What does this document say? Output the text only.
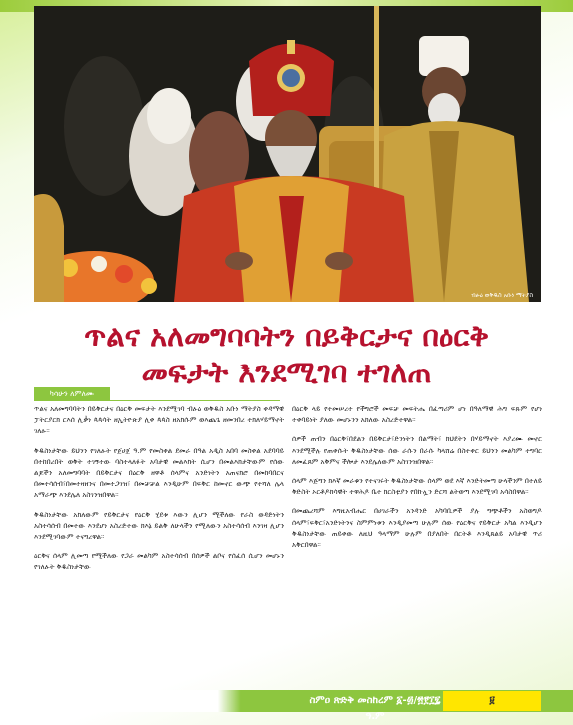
ብፁዕ ወቅዱስ አቡነ ማትያስ
ጥልና አለመግባባትን በይቅርታና በዕርቅ
መፍታት እንደሚገባ ተገለጠ
ካሳሁን ለምለሙ

ጥልና አለመግባባትን በይቅርታና በዕርቅ መፍታት እንደሚገባ ብፁዕ ወቅዱስ አቡነ ማትያስ ቀዳማዊ ፓትርያርክ ርእሰ ሊቃነ ጳጳሳት ዘኢትዮጵያ ሊቀ ጳጳስ ዘአክሱም ወእጨጌ ዘመንበረ ተክለሃይማኖት ገለፁ።

ቅዱስነታቸው ይህንን የገለፁት የጀሀጀ ዓ.ም የመስቀል ደመራ በዓል አዲስ አበባ መስቀል አደባባይ በተከበረበት ወቅት ተገኝተው ባስተላለፉት አባታዊ መልእክት ሲሆን በመልእክታቸውም የሰው ልጆችን አለመግባባት በይቅርታና በዕርቅ ዘዋቶ ሰላምና አንድነትን አጠናክሮ በመከባበርና በመተሳሰብ፣በመተዛዘንና በመተጋገዝ፣ በመቻቻል እንዲሁም በፍቅር ከመኖር ውጭ የተሻለ ሌላ አማራጭ እንደሌለ አስገንዝበዋል።

ቅዱስነታቸው አክለውም የይቅርታና የዕርቅ ሂደቱ እውን ሊሆን ሚችለው የራስ ወዳድነትን አስተሳሰብ በመተው እንደሆነ አስረድተው ክእኔ ይልቅ ለሁላችን የሚለውን አስተሳሰብ እንገዛ ሊሆን እንደሚገባውም ተናግረዋል።

ዕርቅና ሰላም ሊመጣ የሚችለው የጋራ መልካም አስተሳሰብ በሰዎች ልቦና የሰፈሰ ሲሆን መሆኑን የገለፁት ቅዱስነታቸው

በዕርቅ ላይ የተመሠረተ የችግሮች መፍቻ መፍትሔ በፈጣሪም ሆነ በዓለማዊ ሕግ ፍጹም የሆነ ተቀባይነት ያለው መሆኑንን አክለው አስረድተዋል።

ሰዎች ጠብን በዕርቅ፣በደልን በይቅርታ፣ድንነትን በልማት፣ ክህደትን በሃይማኖት እያረሙ መኖር እንደሚችሉ የጠቀሱት ቅዱስነታቸው ሰው ራሱን በራሱ ካላሸሬ በስተቀር ይህንን መልካም ተግባር ለመፈጸም አቅምና ችሎታ እንደሌለውም አስገንዝበዋል።

ሰላም እጅግን ክእኛ መራቁን የተናገሩት ቅዱስነታቸው ሰላም ወደ እኛ እንድትመጣ ሁላችንም በተለይ ቅድስት ኦርቶዶክሳዊት ተዋሕዶ ቤተ ክርስቲያን የበኩሏን ድርሻ ልትወጣ እንደሚገባ አሳስበዋል።

በመጨረሻም እግዚአብሔር በሀገራችን አንዳንድ አካባቢዎች ያሉ ግጭቶችን አስወግዶ ሰላም፣ፍቅር፣አንድነትንና ስምምነቱን እንዲያመጣ ሁሉም ሰው የዕርቅና የይቅርታ አካል እንዲሆን ቅዱስነታቸው ጠይቀው ለዚህ ዓላማም ሁሉም በያለበት በርትቶ እንዲጸልይ አባታዊ ጥሪ አቅርበዋል።

ስምዐ ጽድቅ መስከረም ፩-፴/፳፻፲፯ ዓ.ም
፱
